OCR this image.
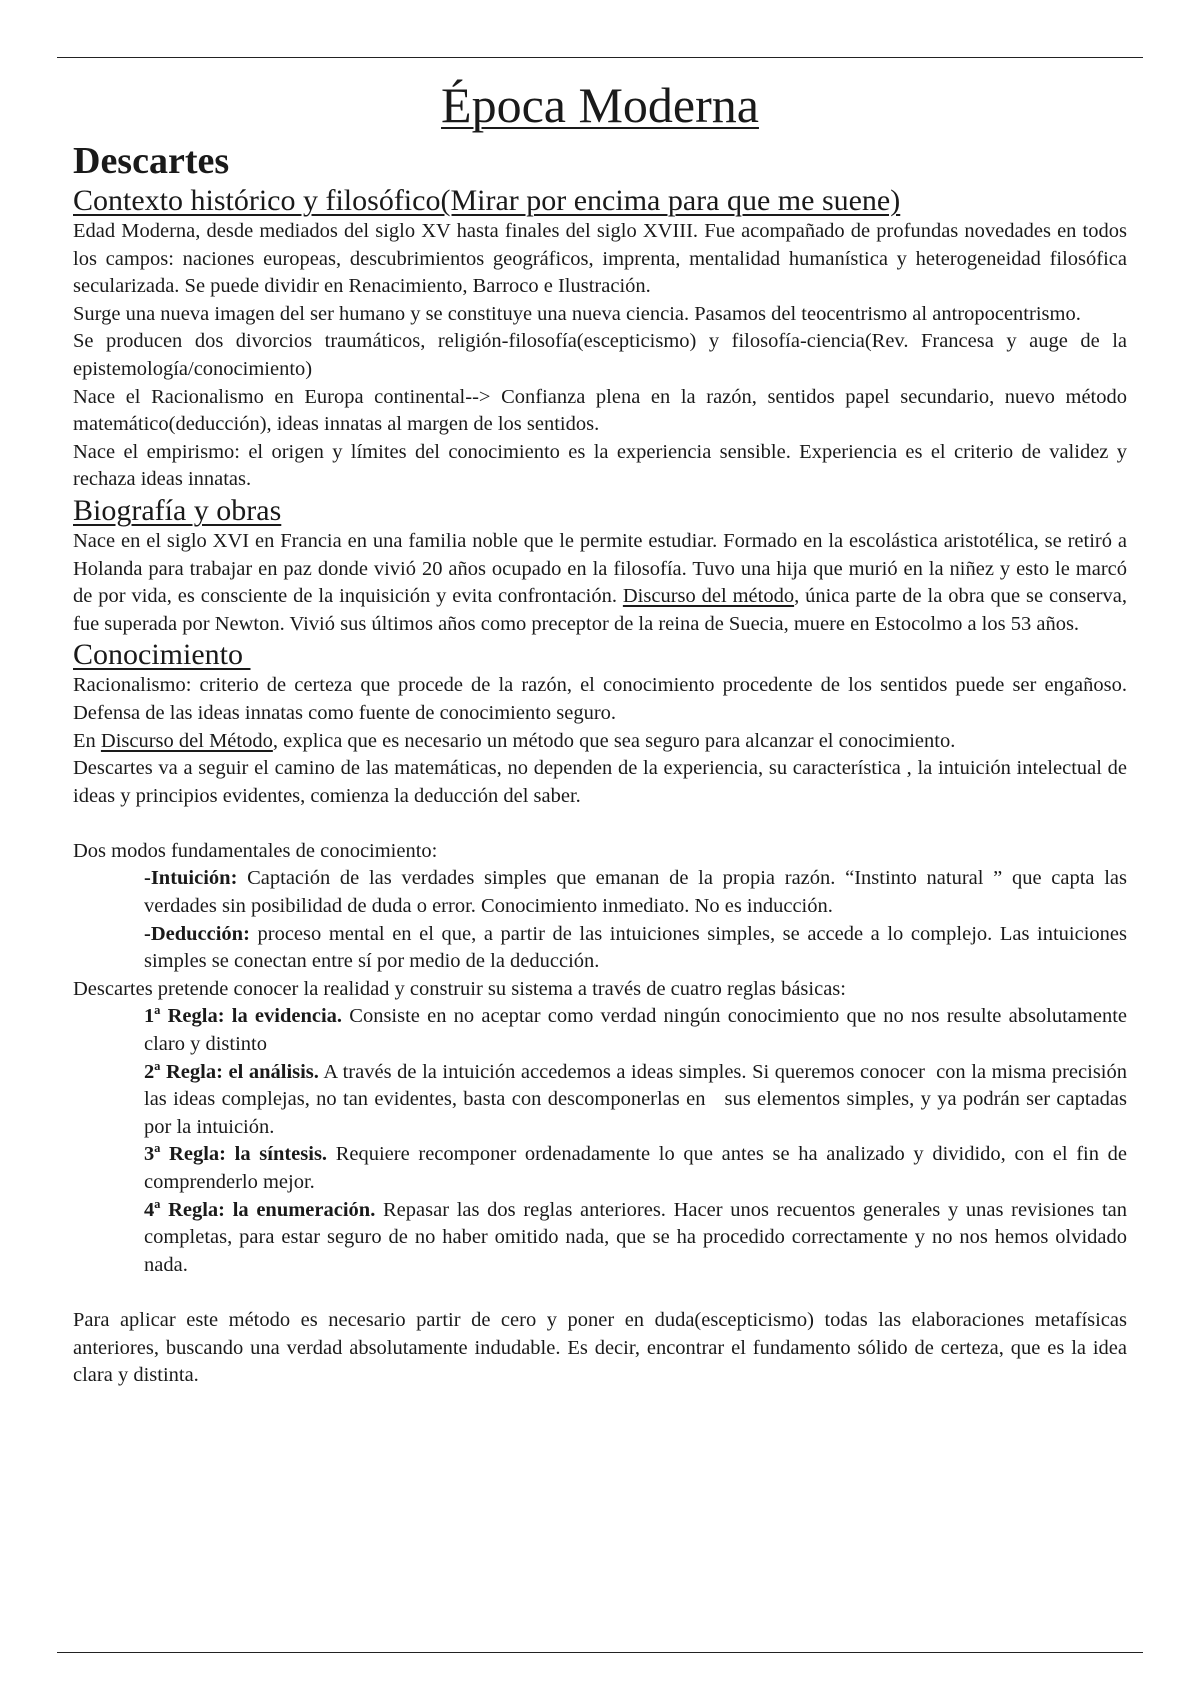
Época Moderna
Descartes
Contexto histórico y filosófico(Mirar por encima para que me suene)

Edad Moderna, desde mediados del siglo XV hasta finales del siglo XVIII. Fue acompañado de profundas novedades en todos los campos: naciones europeas, descubrimientos geográficos, imprenta, mentalidad humanística y heterogeneidad filosófica secularizada. Se puede dividir en Renacimiento, Barroco e Ilustración.

Surge una nueva imagen del ser humano y se constituye una nueva ciencia. Pasamos del teocentrismo al antropocentrismo.

Se producen dos divorcios traumáticos, religión-filosofía(escepticismo) y filosofía-ciencia(Rev. Francesa y auge de la epistemología/conocimiento)

Nace el Racionalismo en Europa continental--> Confianza plena en la razón, sentidos papel secundario, nuevo método matemático(deducción), ideas innatas al margen de los sentidos.

Nace el empirismo: el origen y límites del conocimiento es la experiencia sensible. Experiencia es el criterio de validez y rechaza ideas innatas.

Biografía y obras

Nace en el siglo XVI en Francia en una familia noble que le permite estudiar. Formado en la escolástica aristotélica, se retiró a Holanda para trabajar en paz donde vivió 20 años ocupado en la filosofía. Tuvo una hija que murió en la niñez y esto le marcó de por vida, es consciente de la inquisición y evita confrontación. Discurso del método, única parte de la obra que se conserva, fue superada por Newton. Vivió sus últimos años como preceptor de la reina de Suecia, muere en Estocolmo a los 53 años.

Conocimiento

Racionalismo: criterio de certeza que procede de la razón, el conocimiento procedente de los sentidos puede ser engañoso. Defensa de las ideas innatas como fuente de conocimiento seguro.

En Discurso del Método, explica que es necesario un método que sea seguro para alcanzar el conocimiento.

Descartes va a seguir el camino de las matemáticas, no dependen de la experiencia, su característica , la intuición intelectual de ideas y principios evidentes, comienza la deducción del saber.

Dos modos fundamentales de conocimiento:

-Intuición: Captación de las verdades simples que emanan de la propia razón. “Instinto natural ” que capta las verdades sin posibilidad de duda o error. Conocimiento inmediato. No es inducción.

-Deducción: proceso mental en el que, a partir de las intuiciones simples, se accede a lo complejo. Las intuiciones simples se conectan entre sí por medio de la deducción.

Descartes pretende conocer la realidad y construir su sistema a través de cuatro reglas básicas:

1ª Regla: la evidencia. Consiste en no aceptar como verdad ningún conocimiento que no nos resulte absolutamente claro y distinto

2ª Regla: el análisis. A través de la intuición accedemos a ideas simples. Si queremos conocer  con la misma precisión las ideas complejas, no tan evidentes, basta con descomponerlas en   sus elementos simples, y ya podrán ser captadas por la intuición.

3ª Regla: la síntesis. Requiere recomponer ordenadamente lo que antes se ha analizado y dividido, con el fin de comprenderlo mejor.

4ª Regla: la enumeración. Repasar las dos reglas anteriores. Hacer unos recuentos generales y unas revisiones tan completas, para estar seguro de no haber omitido nada, que se ha procedido correctamente y no nos hemos olvidado nada.

Para aplicar este método es necesario partir de cero y poner en duda(escepticismo) todas las elaboraciones metafísicas anteriores, buscando una verdad absolutamente indudable. Es decir, encontrar el fundamento sólido de certeza, que es la idea clara y distinta.
